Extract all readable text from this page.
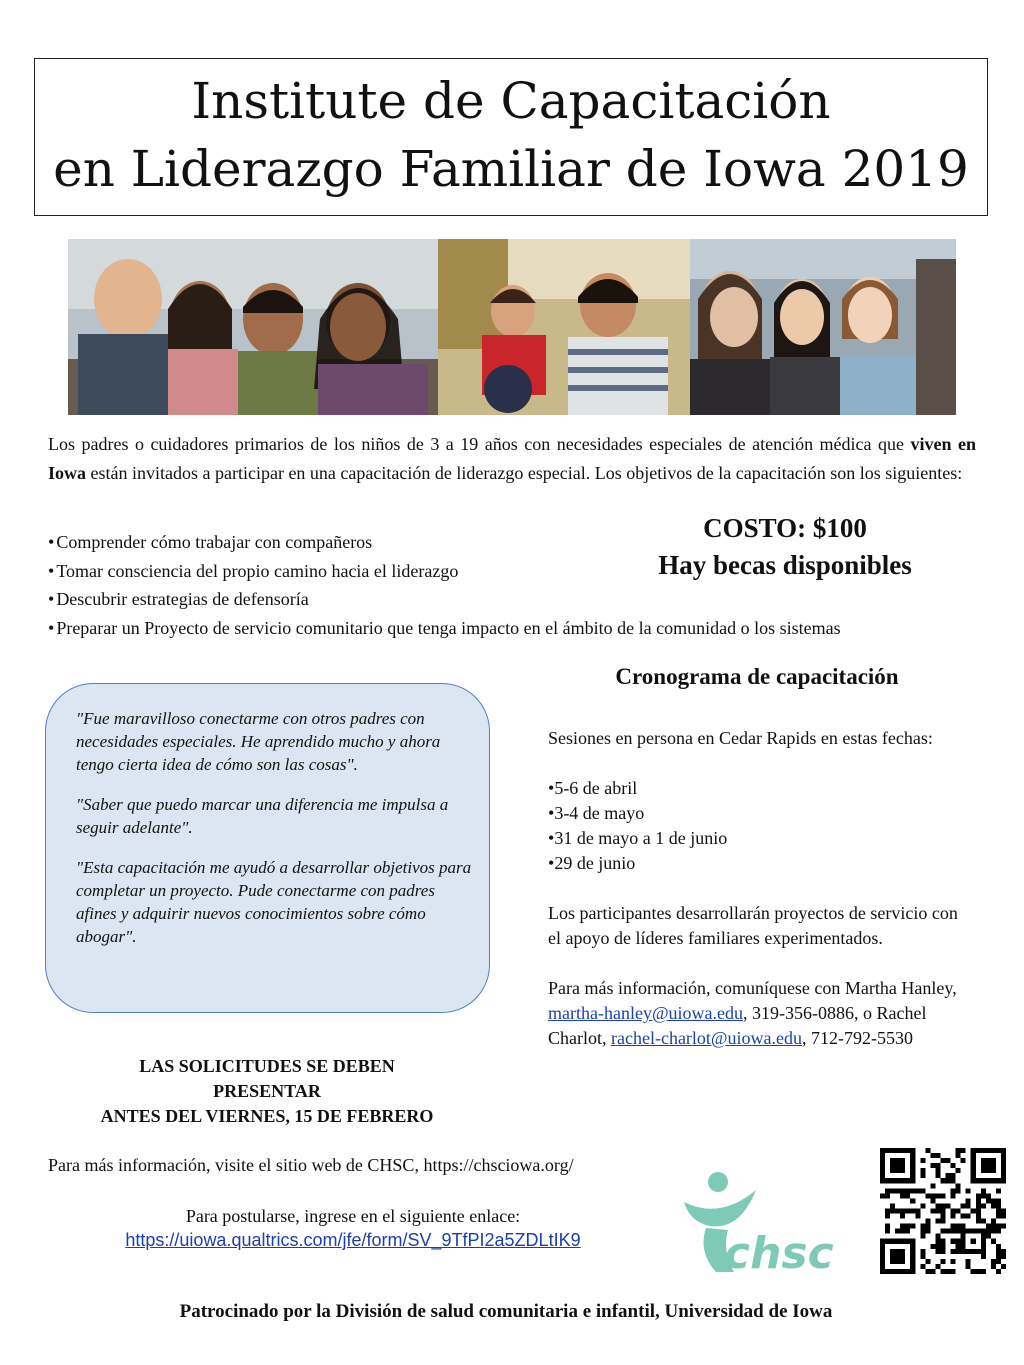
Institute de Capacitación
en Liderazgo Familiar de Iowa 2019
Los padres o cuidadores primarios de los niños de 3 a 19 años con necesidades especiales de atención médica que viven en Iowa están invitados a participar en una capacitación de liderazgo especial. Los objetivos de la capacitación son los siguientes:
COSTO: $100
Hay becas disponibles
• Comprender cómo trabajar con compañeros
• Tomar consciencia del propio camino hacia el liderazgo
• Descubrir estrategias de defensoría
• Preparar un Proyecto de servicio comunitario que tenga impacto en el ámbito de la comunidad o los sistemas

"Fue maravilloso conectarme con otros padres con necesidades especiales. He aprendido mucho y ahora tengo cierta idea de cómo son las cosas".

"Saber que puedo marcar una diferencia me impulsa a seguir adelante".

"Esta capacitación me ayudó a desarrollar objetivos para completar un proyecto. Pude conectarme con padres afines y adquirir nuevos conocimientos sobre cómo abogar".

Cronograma de capacitación

Sesiones en persona en Cedar Rapids en estas fechas:

• 5-6 de abril
• 3-4 de mayo
• 31 de mayo a 1 de junio
• 29 de junio

Los participantes desarrollarán proyectos de servicio con el apoyo de líderes familiares experimentados.

Para más información, comuníquese con Martha Hanley, martha-hanley@uiowa.edu, 319-356-0886, o Rachel Charlot, rachel-charlot@uiowa.edu, 712-792-5530

LAS SOLICITUDES SE DEBEN PRESENTAR
ANTES DEL VIERNES, 15 DE FEBRERO
Para más información, visite el sitio web de CHSC, https://chsciowa.org/
Para postularse, ingrese en el siguiente enlace:
https://uiowa.qualtrics.com/jfe/form/SV_9TfPI2a5ZDLtIK9	chsc
Patrocinado por la División de salud comunitaria e infantil, Universidad de Iowa
